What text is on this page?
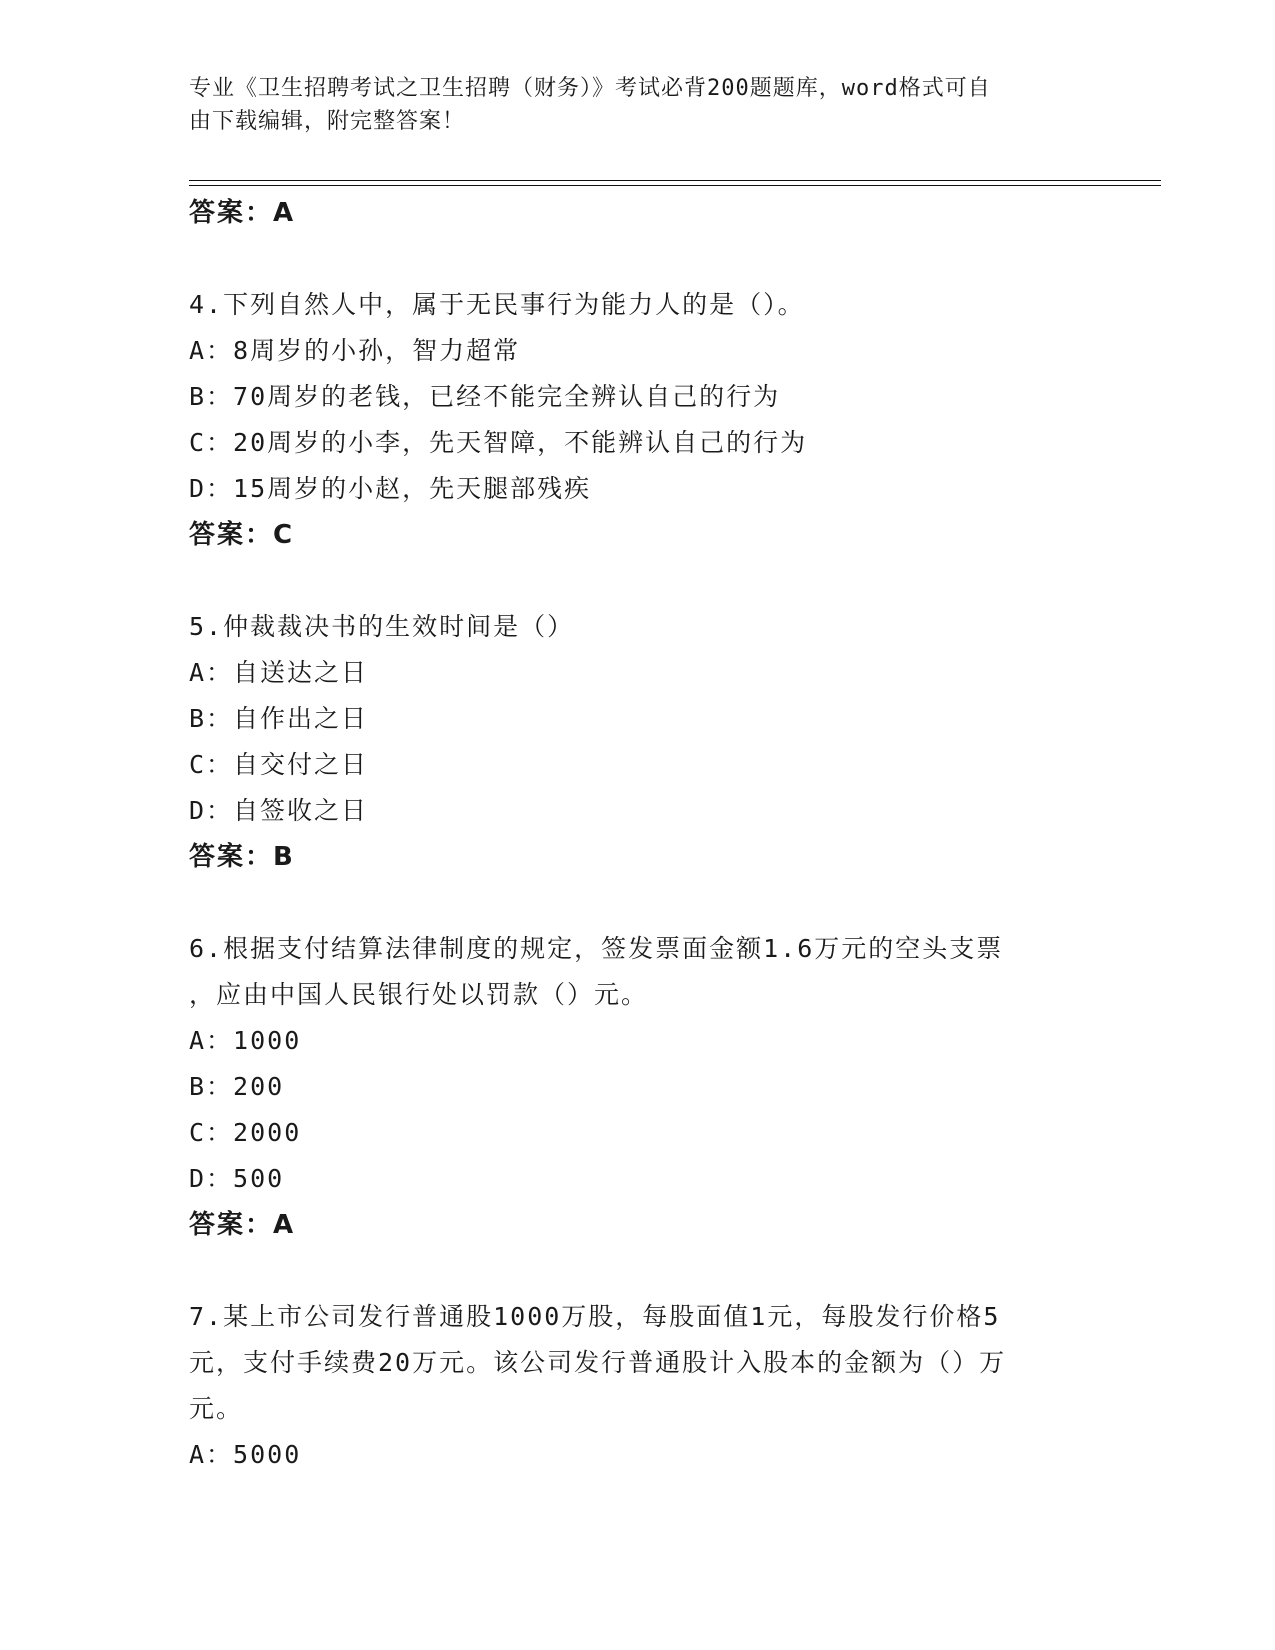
专业《卫生招聘考试之卫生招聘（财务）》考试必背200题题库，word格式可自
由下载编辑，附完整答案！
答案：A
4.下列自然人中，属于无民事行为能力人的是（）。
A：8周岁的小孙，智力超常
B：70周岁的老钱，已经不能完全辨认自己的行为
C：20周岁的小李，先天智障，不能辨认自己的行为
D：15周岁的小赵，先天腿部残疾
答案：C
5.仲裁裁决书的生效时间是（）
A：自送达之日
B：自作出之日
C：自交付之日
D：自签收之日
答案：B
6.根据支付结算法律制度的规定，签发票面金额1.6万元的空头支票
，应由中国人民银行处以罚款（）元。
A：1000
B：200
C：2000
D：500
答案：A
7.某上市公司发行普通股1000万股，每股面值1元，每股发行价格5
元，支付手续费20万元。该公司发行普通股计入股本的金额为（）万
元。
A：5000
